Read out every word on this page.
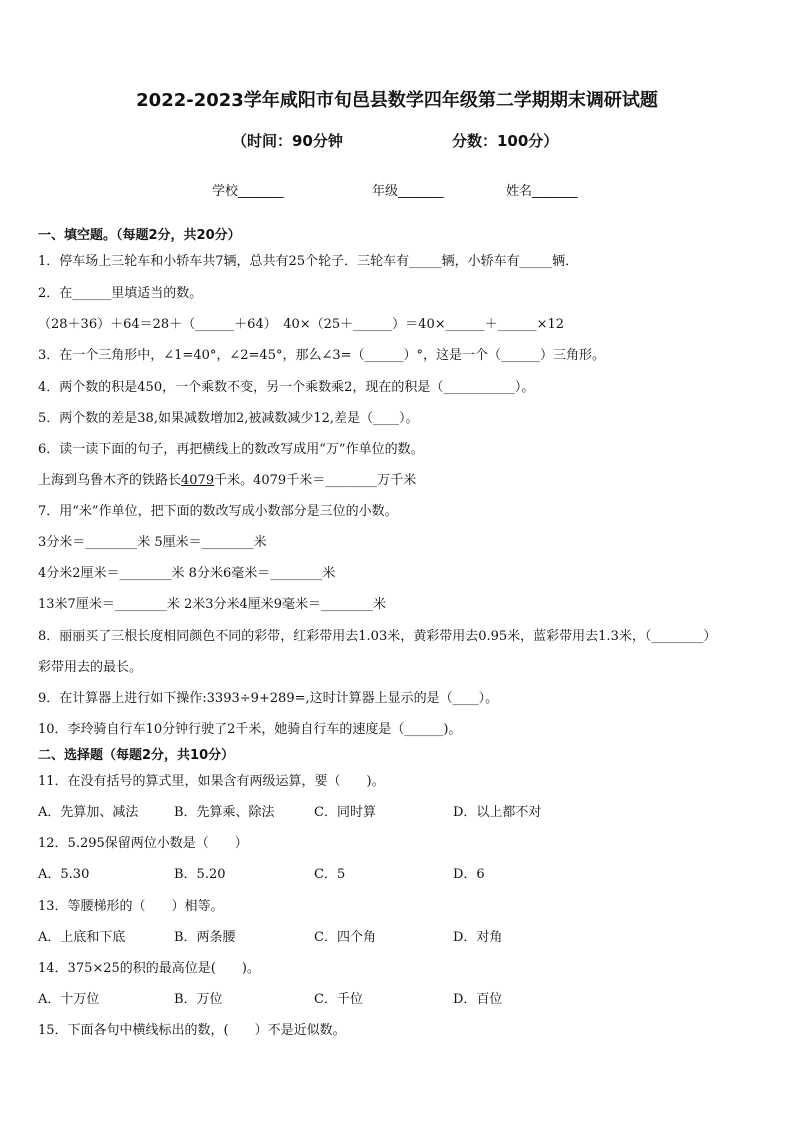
2022-2023学年咸阳市旬邑县数学四年级第二学期期末调研试题
（时间：90分钟	分数：100分）
学校_______	年级_______	姓名_______
一、填空题。（每题2分，共20分）
1．停车场上三轮车和小轿车共7辆，总共有25个轮子．三轮车有_____辆，小轿车有_____辆．
2．在______里填适当的数。
（28＋36）＋64＝28＋（______＋64）　40×（25＋______）＝40×______＋______×12
3．在一个三角形中，∠1=40°，∠2=45°，那么∠3=（______）°，这是一个（______）三角形。
4．两个数的积是450，一个乘数不变，另一个乘数乘2，现在的积是（___________）。
5．两个数的差是38,如果减数增加2,被减数减少12,差是（____）。
6．读一读下面的句子，再把横线上的数改写成用“万”作单位的数。
上海到乌鲁木齐的铁路长4079千米。4079千米＝________万千米
7．用“米”作单位，把下面的数改写成小数部分是三位的小数。
3分米＝________米 5厘米＝________米
4分米2厘米＝________米 8分米6毫米＝________米
13米7厘米＝________米 2米3分米4厘米9毫米＝________米
8．丽丽买了三根长度相同颜色不同的彩带，红彩带用去1.03米，黄彩带用去0.95米，蓝彩带用去1.3米，（________）
彩带用去的最长。
9．在计算器上进行如下操作:3393÷9+289=,这时计算器上显示的是（____）。
10．李玲骑自行车10分钟行驶了2千米，她骑自行车的速度是（______)。
二、选择题（每题2分，共10分）
11．在没有括号的算式里，如果含有两级运算，要（　　)。
A．先算加、减法	B．先算乘、除法	C．同时算	D．以上都不对
12．5.295保留两位小数是（　　）
A．5.30	B．5.20	C．5	D．6
13．等腰梯形的（　　）相等。
A．上底和下底	B．两条腰	C．四个角	D．对角
14．375×25的积的最高位是(　　)。
A．十万位	B．万位	C．千位	D．百位
15．下面各句中横线标出的数，(　　）不是近似数。
